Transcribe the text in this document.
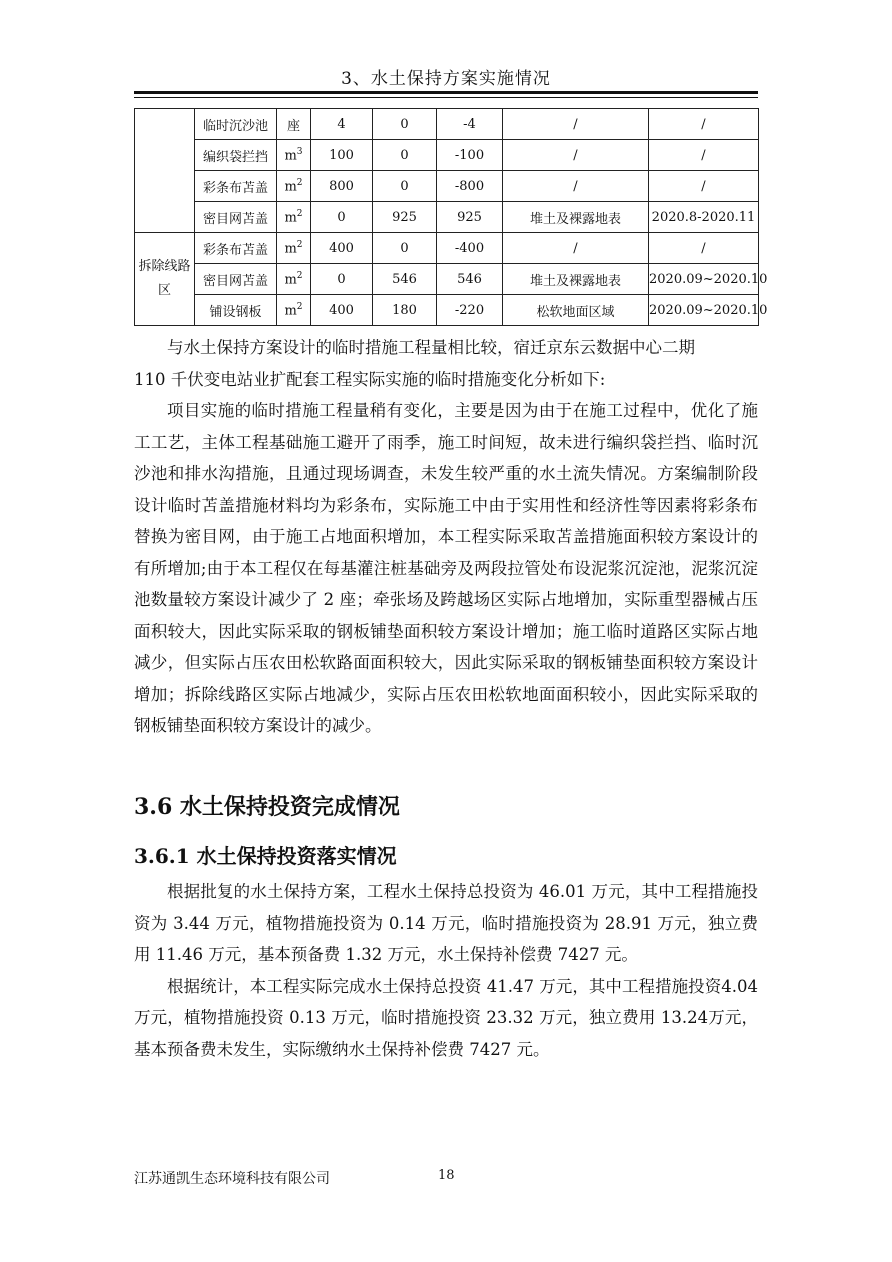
3、水土保持方案实施情况
	临时沉沙池	座	4	0	-4	/	/
	编织袋拦挡	$m^3$	100	0	-100	/	/
	彩条布苫盖	$m^2$	800	0	-800	/	/
	密目网苫盖	$m^2$	0	925	925	堆土及裸露地表	2020.8-2020.11
拆除线路区	彩条布苫盖	$m^2$	400	0	-400	/	/
	密目网苫盖	$m^2$	0	546	546	堆土及裸露地表	2020.09~2020.10
	铺设钢板	$m^2$	400	180	-220	松软地面区域	2020.09~2020.10

与水土保持方案设计的临时措施工程量相比较，宿迁京东云数据中心二期

110 千伏变电站业扩配套工程实际实施的临时措施变化分析如下:

项目实施的临时措施工程量稍有变化，主要是因为由于在施工过程中，优化了施工工艺，主体工程基础施工避开了雨季，施工时间短，故未进行编织袋拦挡、临时沉沙池和排水沟措施，且通过现场调查，未发生较严重的水土流失情况。方案编制阶段设计临时苫盖措施材料均为彩条布，实际施工中由于实用性和经济性等因素将彩条布替换为密目网，由于施工占地面积增加，本工程实际采取苫盖措施面积较方案设计的有所增加;由于本工程仅在每基灌注桩基础旁及两段拉管处布设泥浆沉淀池，泥浆沉淀池数量较方案设计减少了 2 座；牵张场及跨越场区实际占地增加，实际重型器械占压面积较大，因此实际采取的钢板铺垫面积较方案设计增加；施工临时道路区实际占地减少，但实际占压农田松软路面面积较大，因此实际采取的钢板铺垫面积较方案设计增加；拆除线路区实际占地减少，实际占压农田松软地面面积较小，因此实际采取的钢板铺垫面积较方案设计的减少。

3.6 水土保持投资完成情况
3.6.1 水土保持投资落实情况

根据批复的水土保持方案，工程水土保持总投资为 46.01 万元，其中工程措施投资为 3.44 万元，植物措施投资为 0.14 万元，临时措施投资为 28.91 万元，独立费用 11.46 万元，基本预备费 1.32 万元，水土保持补偿费 7427 元。

根据统计，本工程实际完成水土保持总投资 41.47 万元，其中工程措施投资4.04 万元，植物措施投资 0.13 万元，临时措施投资 23.32 万元，独立费用 13.24万元，基本预备费未发生，实际缴纳水土保持补偿费 7427 元。

江苏通凯生态环境科技有限公司	18
